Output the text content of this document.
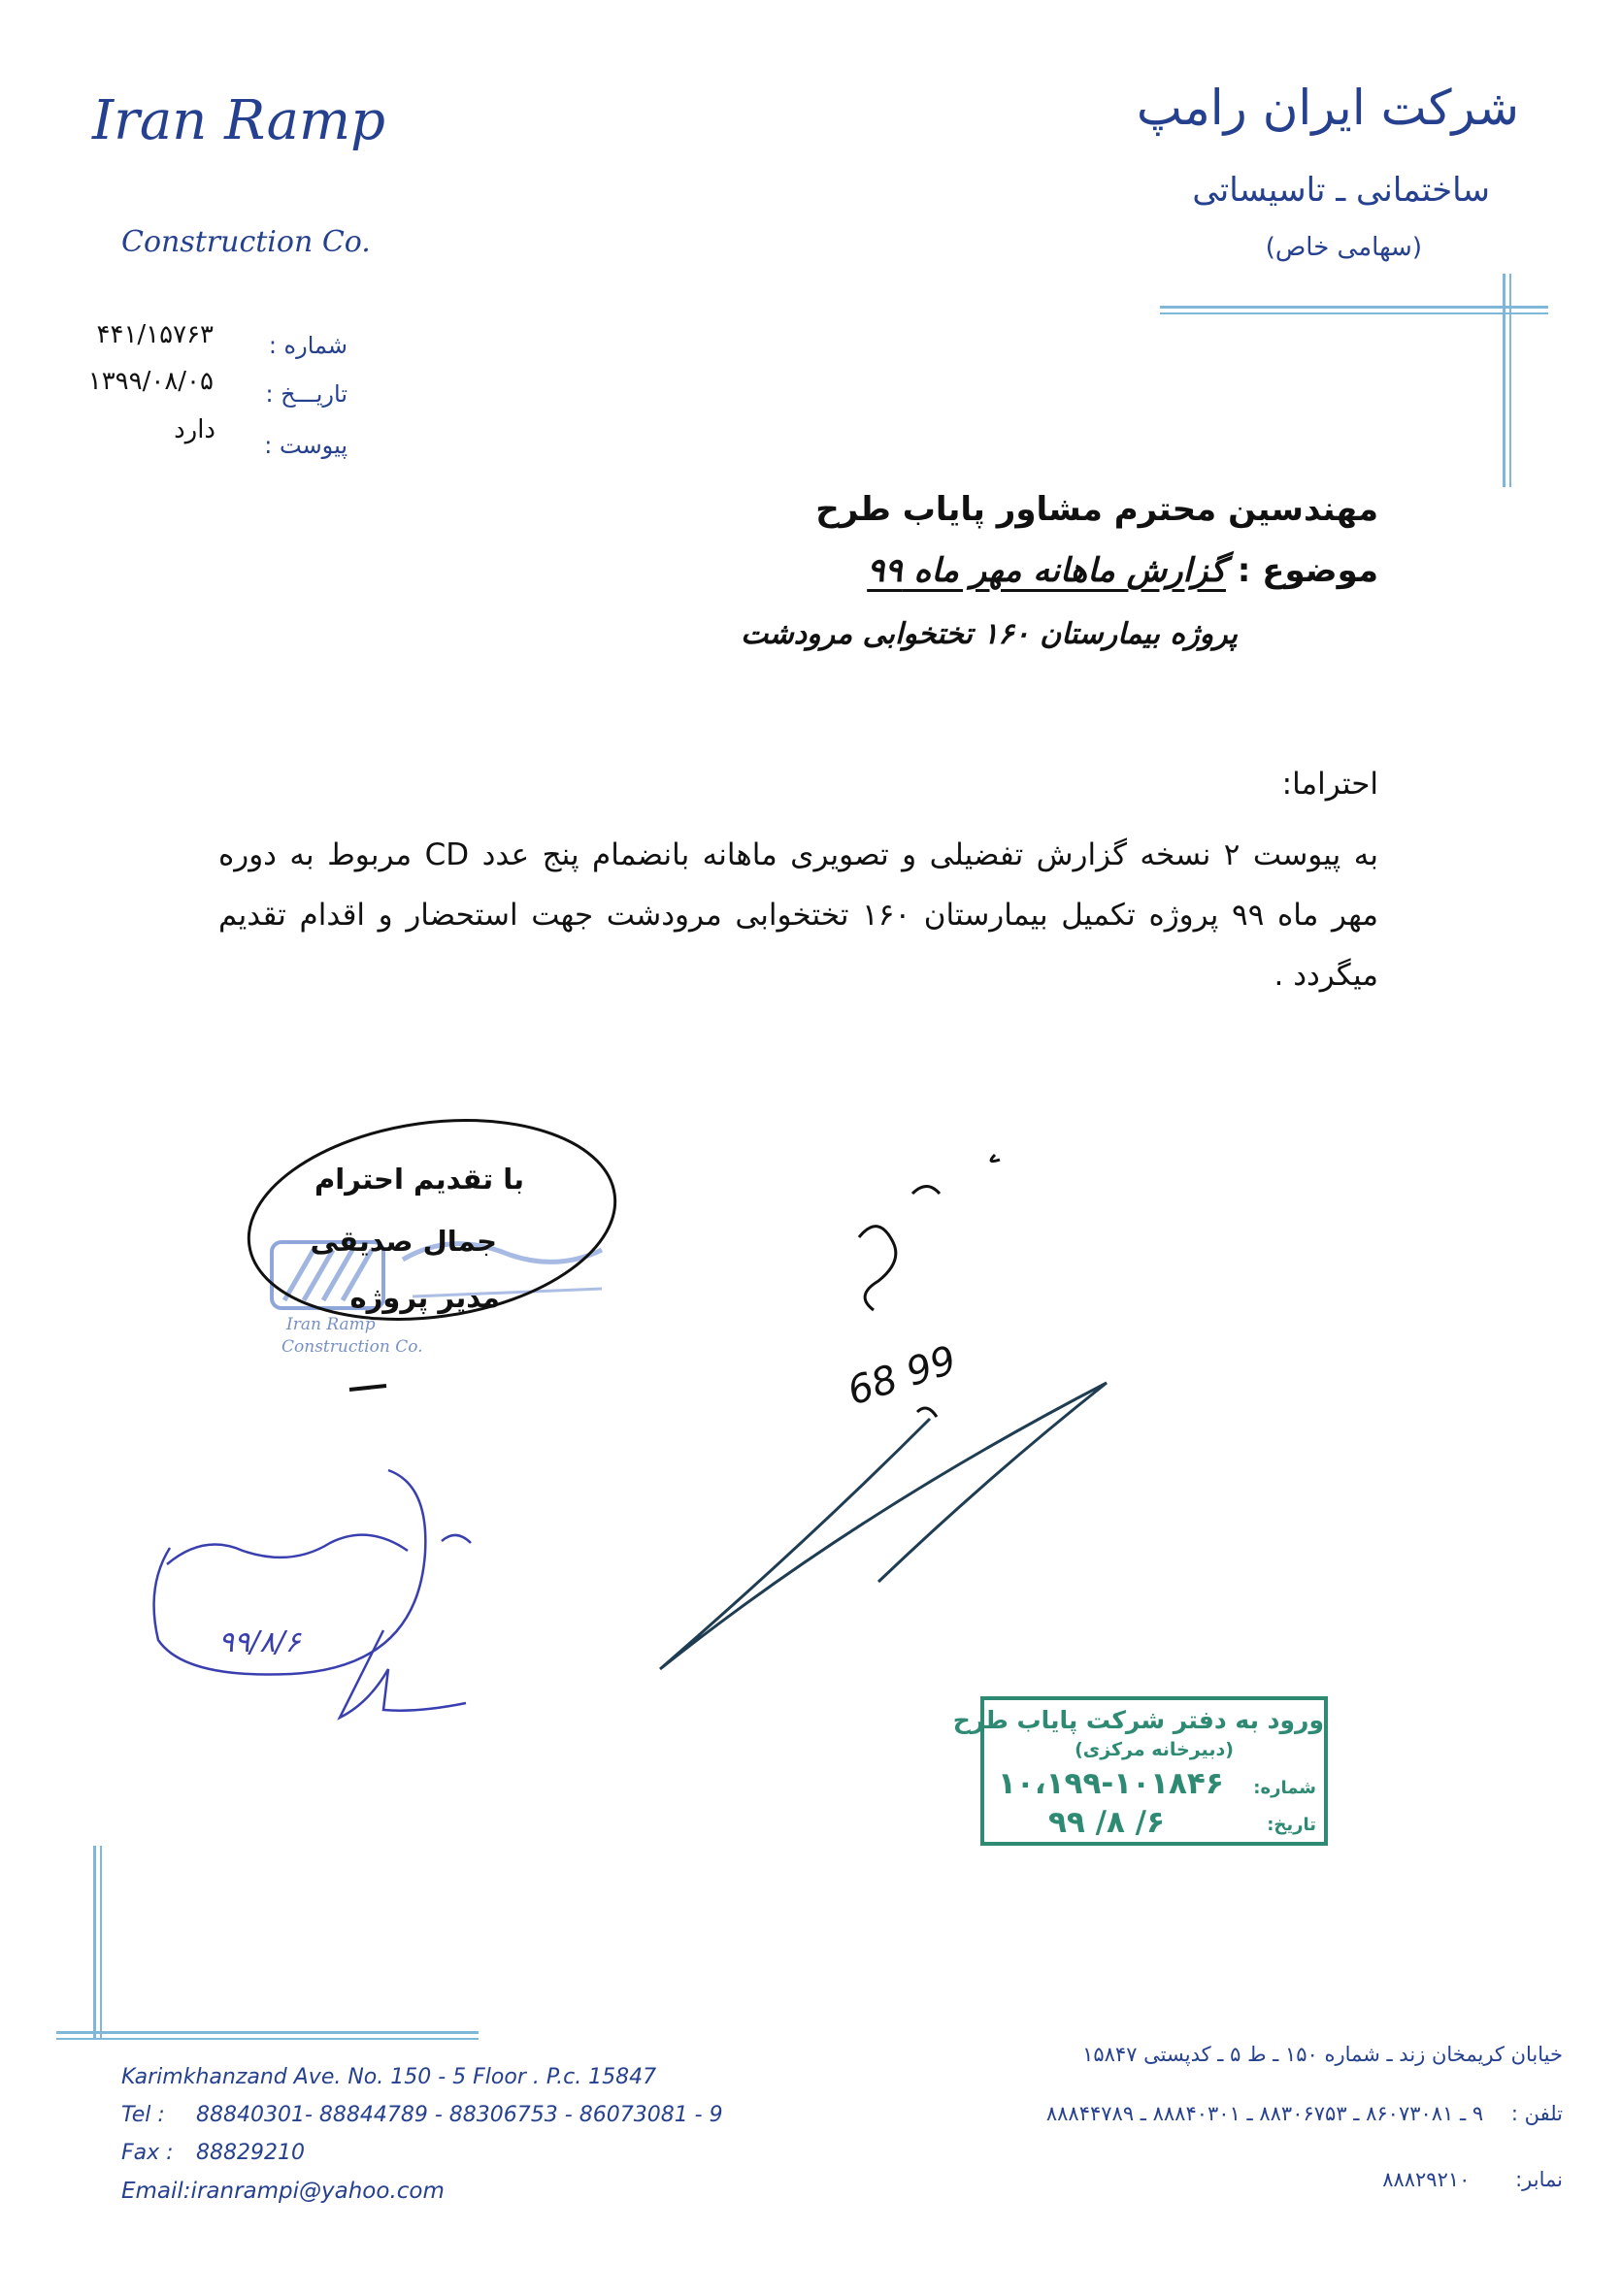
Iran Ramp
Construction Co.
شرکت ایران رامپ
ساختمانی ـ تاسیساتی
(سهامی خاص)
شماره :
۴۴۱/۱۵۷۶۳
تاریـــخ :
۱۳۹۹/۰۸/۰۵
پیوست :
دارد
مهندسین محترم مشاور پایاب طرح
موضوع : گزارش ماهانه مهر ماه ۹۹
پروژه بیمارستان ۱۶۰ تختخوابی مرودشت
احتراما:
به پیوست ۲ نسخه گزارش تفضیلی و تصویری ماهانه بانضمام پنج عدد CD مربوط به دوره مهر ماه ۹۹ پروژه تکمیل بیمارستان ۱۶۰ تختخوابی مرودشت جهت استحضار و اقدام تقدیم میگردد .
Iran Ramp
Construction Co.
با تقدیم احترام
جمال صدیقی
مدیر پروژه
68 99
۹۹/۸/۶
ورود به دفتر شرکت پایاب طرح
(دبیرخانه مرکزی)
شماره:
۱۰،۱۹۹-۱۰۱۸۴۶
تاریخ:
۹۹ /۸ /۶
Karimkhanzand Ave. No. 150 - 5 Floor . P.c. 15847
Tel : 88840301- 88844789 - 88306753 - 86073081 - 9
Fax : 88829210
Email:iranrampi@yahoo.com
خیابان کریمخان زند ـ شماره ۱۵۰ ـ ط ۵ ـ کدپستی ۱۵۸۴۷
تلفن : ۹ ـ ۸۶۰۷۳۰۸۱ ـ ۸۸۳۰۶۷۵۳ ـ ۸۸۸۴۰۳۰۱ ـ ۸۸۸۴۴۷۸۹
نمابر: ۸۸۸۲۹۲۱۰
